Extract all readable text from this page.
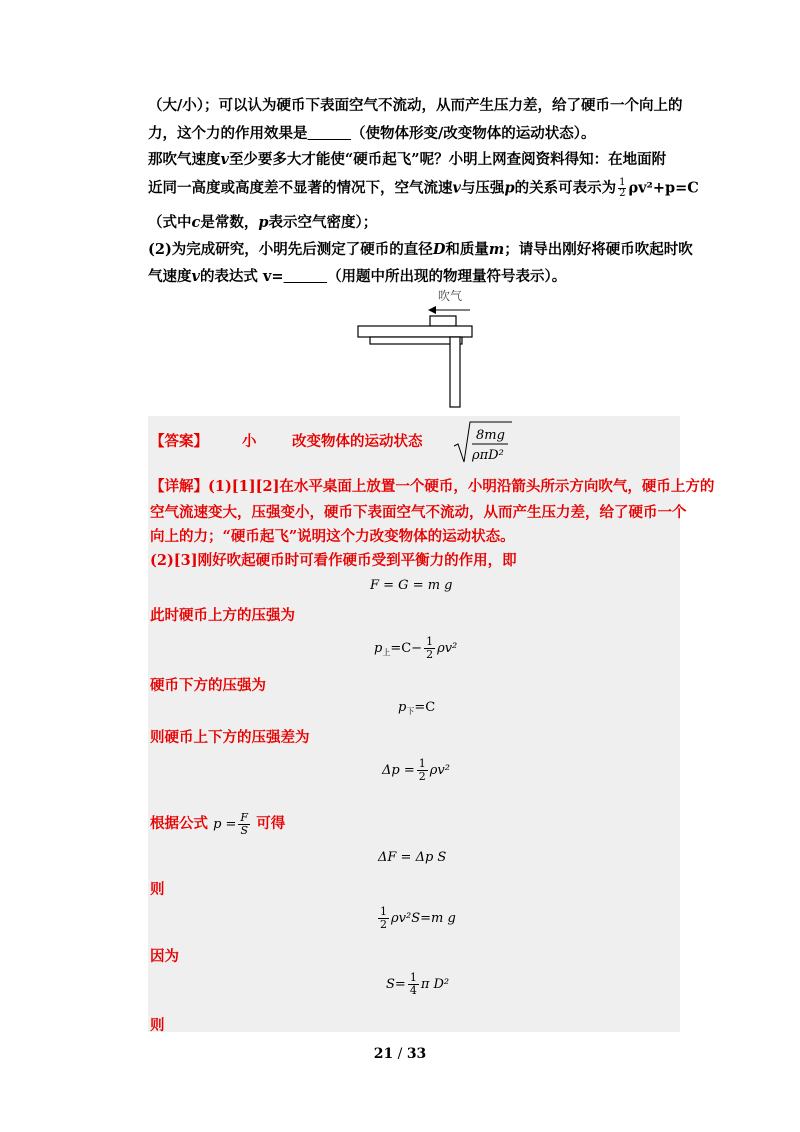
（大/小）；可以认为硬币下表面空气不流动，从而产生压力差，给了硬币一个向上的
力，这个力的作用效果是	（使物体形变/改变物体的运动状态）。
那吹气速度v至少要多大才能使“硬币起飞”呢？小明上网查阅资料得知：在地面附
近同一高度或高度差不显著的情况下，空气流速v与压强p的关系可表示为 $\frac{1}{2} \rho v^2+p=C$
（式中c是常数，p表示空气密度）；
(2)为完成研究，小明先后测定了硬币的直径D和质量m；请导出刚好将硬币吹起时吹
气速度v的表达式 v=	（用题中所出现的物理量符号表示）。
吹气
【答案】 小 改变物体的运动状态	8mg
ρπD²
【详解】(1)[1][2]在水平桌面上放置一个硬币，小明沿箭头所示方向吹气，硬币上方的
空气流速变大，压强变小，硬币下表面空气不流动，从而产生压力差，给了硬币一个
向上的力；“硬币起飞”说明这个力改变物体的运动状态。
(2)[3]刚好吹起硬币时可看作硬币受到平衡力的作用，即
F = G = m g
此时硬币上方的压强为
$p_上=C- \frac{1}{2} \rho v^2$
硬币下方的压强为
$p_下=C$
则硬币上下方的压强差为
$\Delta p = \frac{1}{2} \rho v^2$
根据公式 $p = \frac{F}{S}$ 可得
ΔF = Δp S
则
$\frac{1}{2} \rho v^2S=m$ g
因为
$S= \frac{1}{4}$ π D²
则
21 / 33
